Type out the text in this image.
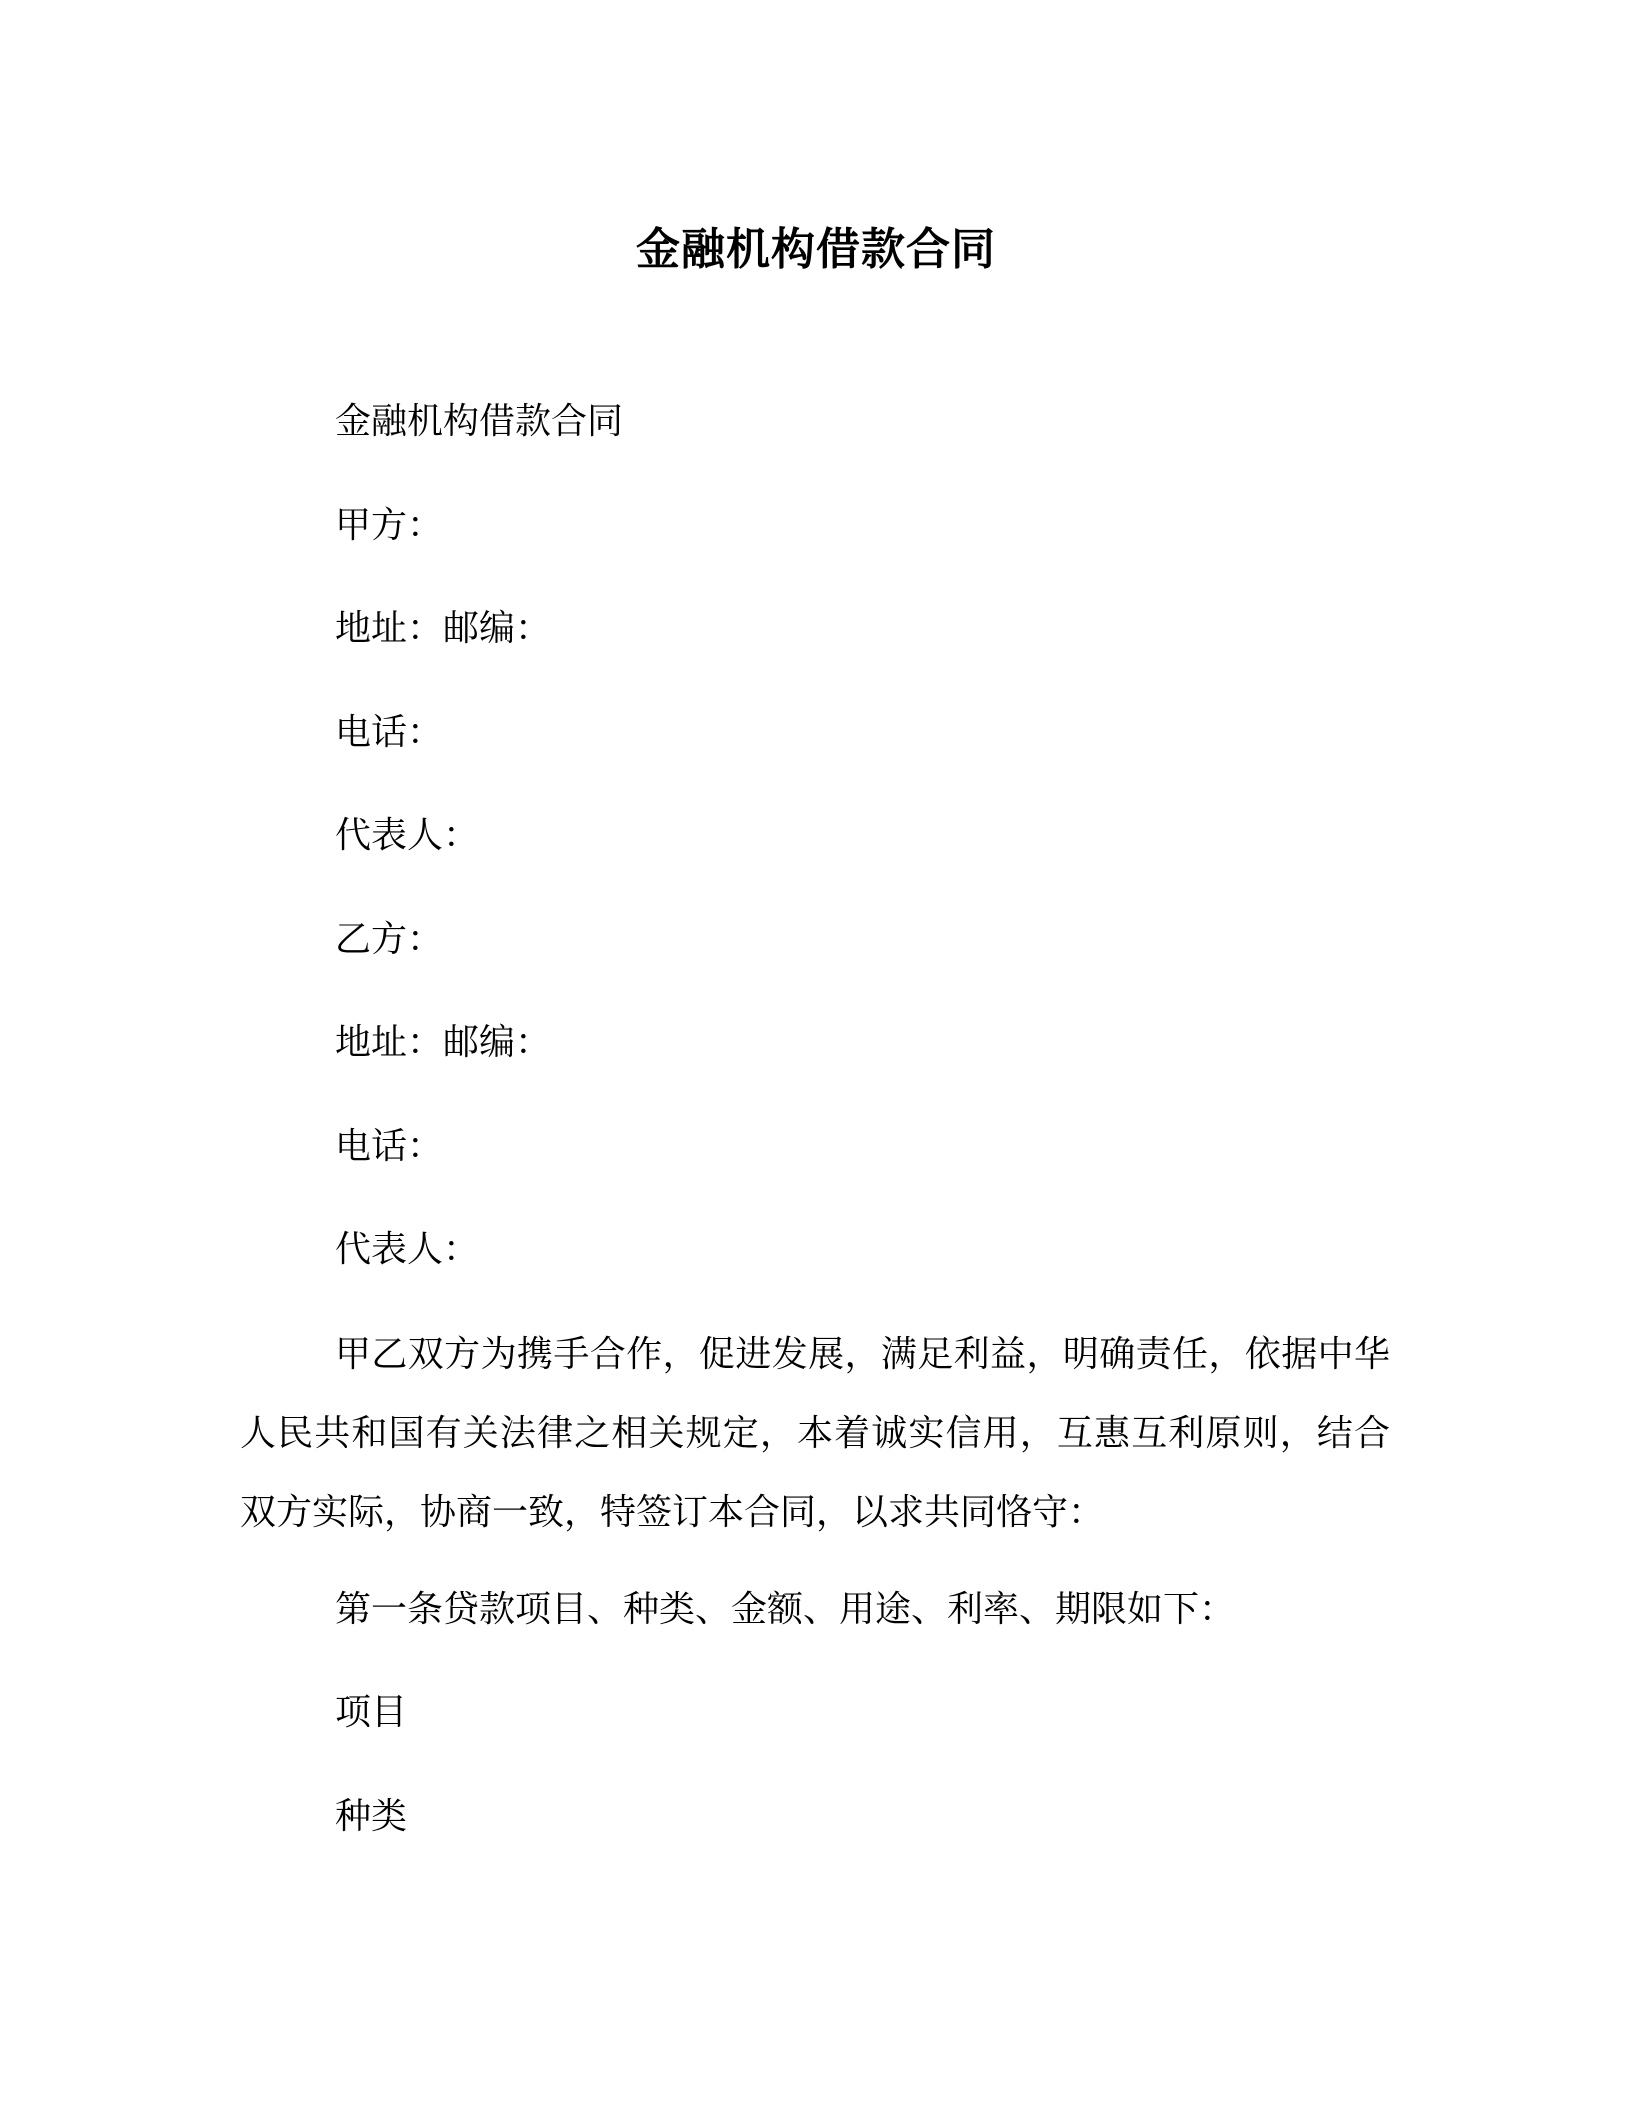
金融机构借款合同
金融机构借款合同
甲方：
地址：邮编：
电话：
代表人：
乙方：
地址：邮编：
电话：
代表人：
甲乙双方为携手合作，促进发展，满足利益，明确责任，依据中华人民共和国有关法律之相关规定，本着诚实信用，互惠互利原则，结合双方实际，协商一致，特签订本合同，以求共同恪守：
第一条贷款项目、种类、金额、用途、利率、期限如下：
项目
种类
